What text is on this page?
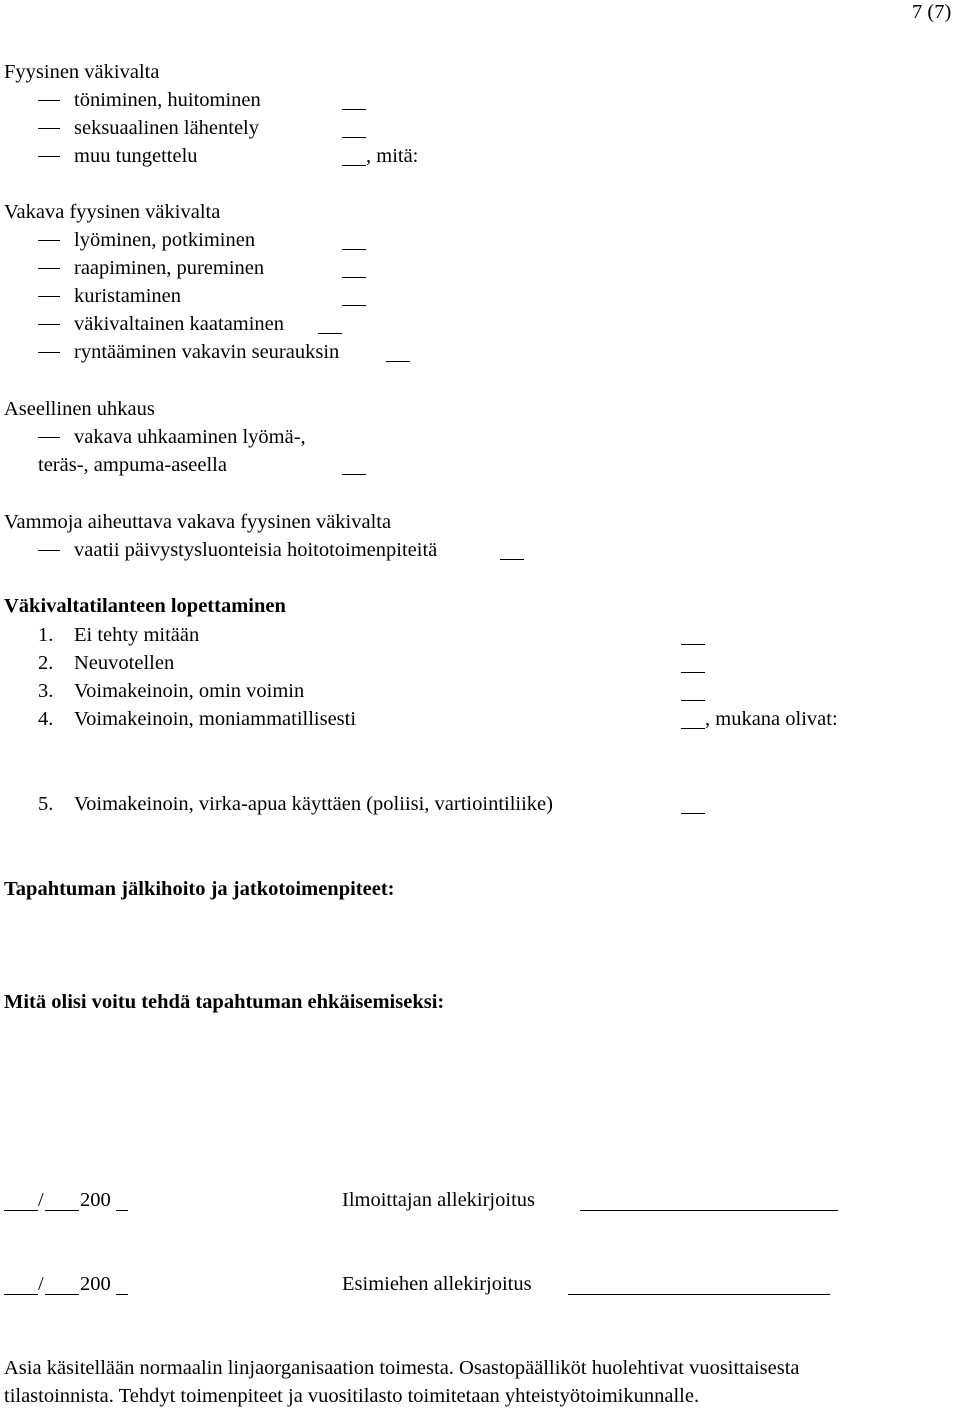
7 (7)
Fyysinen väkivalta
töniminen, huitominen
seksuaalinen lähentely
muu tungettelu	, mitä:
Vakava fyysinen väkivalta
lyöminen, potkiminen
raapiminen, pureminen
kuristaminen
väkivaltainen kaataminen
ryntääminen vakavin seurauksin
Aseellinen uhkaus
vakava uhkaaminen lyömä-,
teräs-, ampuma-aseella
Vammoja aiheuttava vakava fyysinen väkivalta
vaatii päivystysluonteisia hoitotoimenpiteitä
Väkivaltatilanteen lopettaminen
1. Ei tehty mitään
2. Neuvotellen
3. Voimakeinoin, omin voimin
4. Voimakeinoin, moniammatillisesti	, mukana olivat:
5. Voimakeinoin, virka-apua käyttäen (poliisi, vartiointiliike)
Tapahtuman jälkihoito ja jatkotoimenpiteet:
Mitä olisi voitu tehdä tapahtuman ehkäisemiseksi:
/ 200	Ilmoittajan allekirjoitus
/ 200	Esimiehen allekirjoitus
Asia käsitellään normaalin linjaorganisaation toimesta. Osastopäälliköt huolehtivat vuosittaisesta
tilastoinnista. Tehdyt toimenpiteet ja vuositilasto toimitetaan yhteistyötoimikunnalle.
